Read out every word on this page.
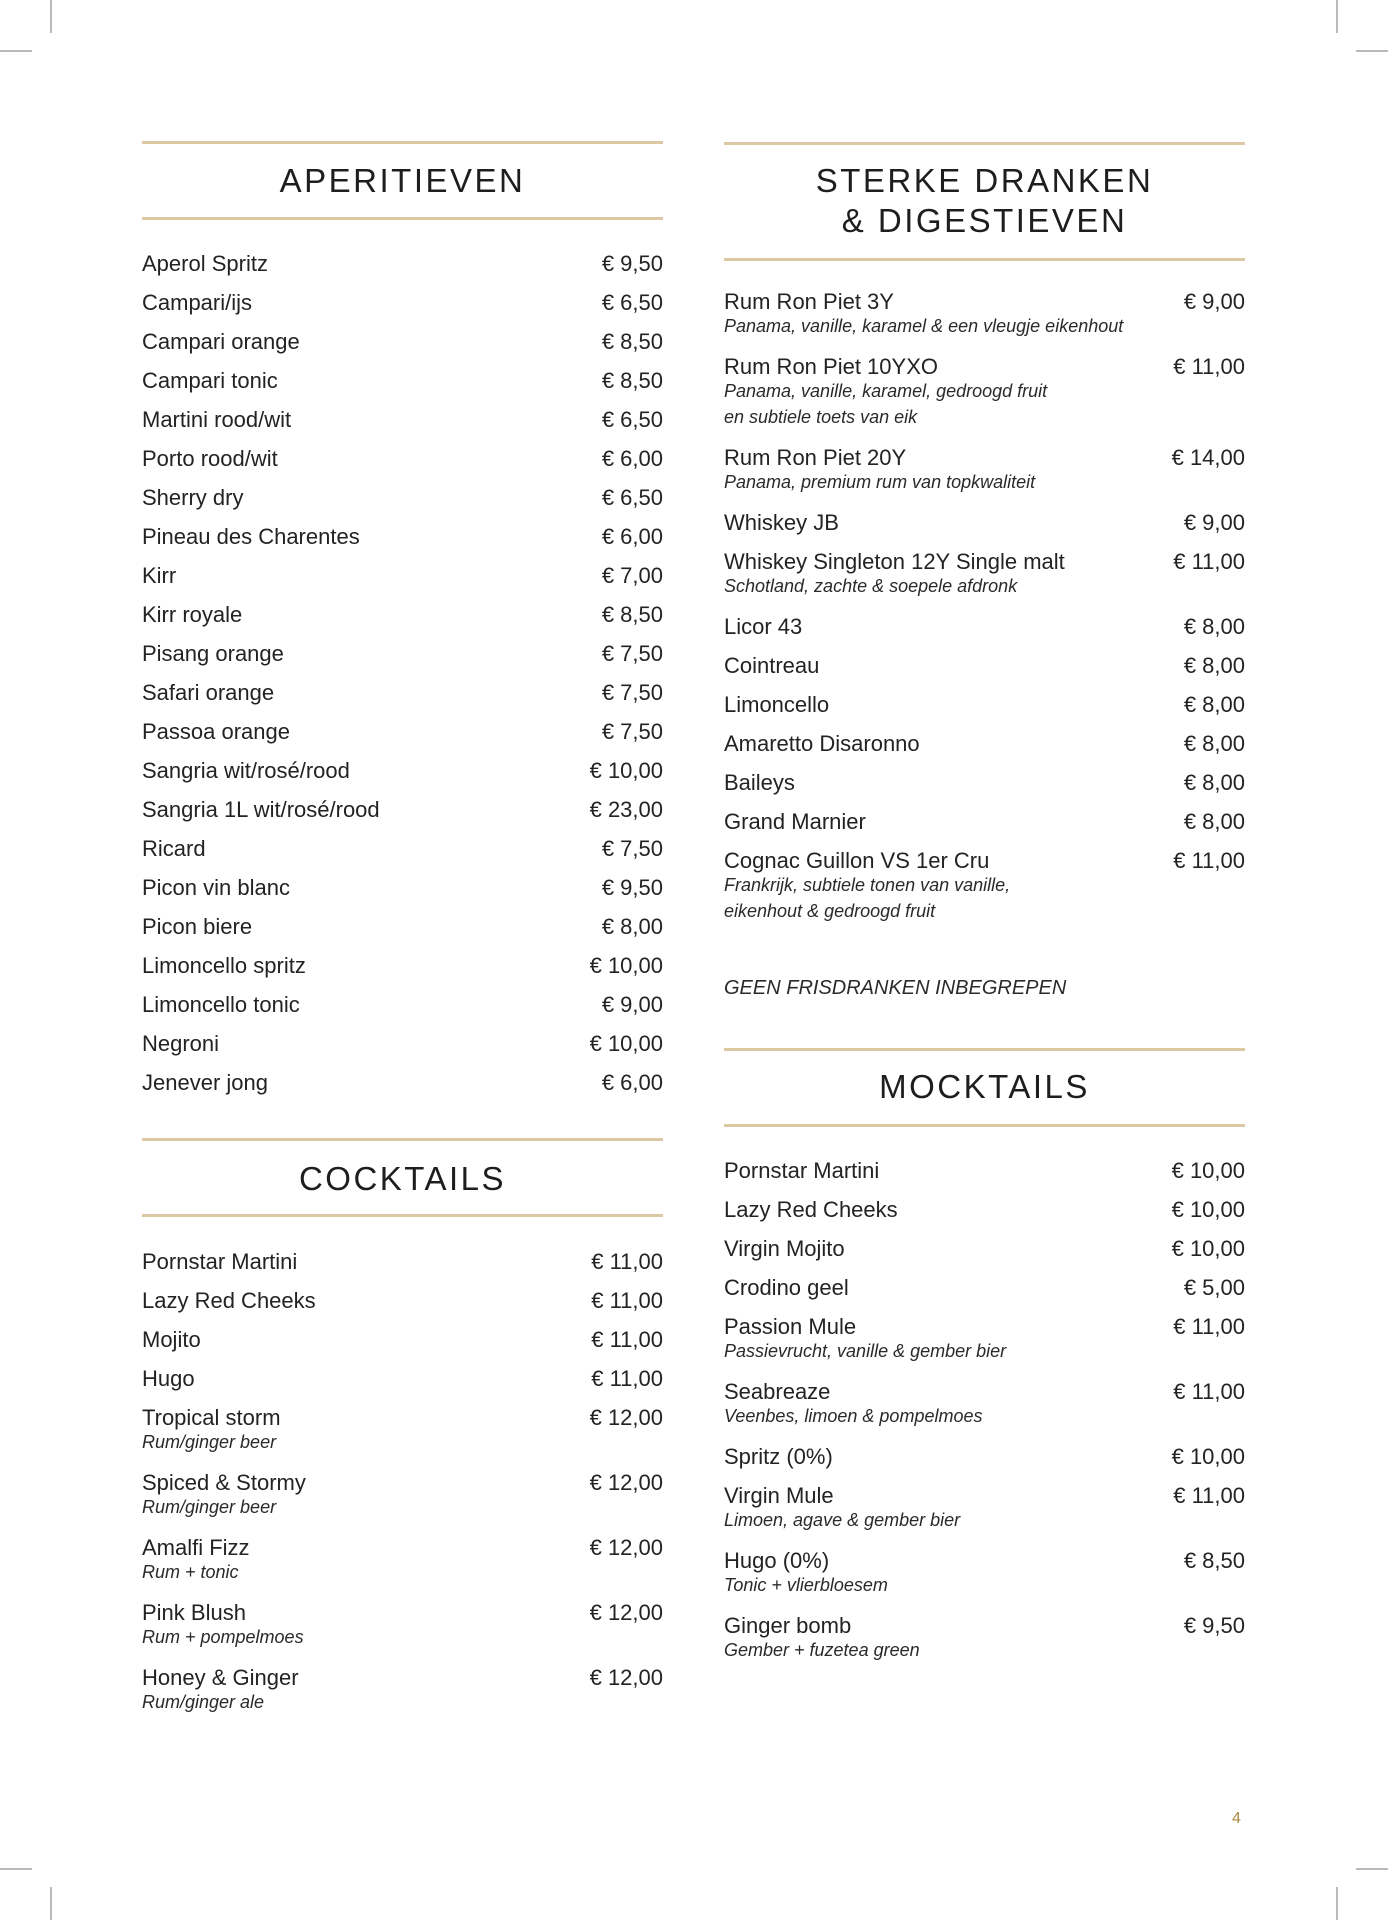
APERITIEVEN
Aperol Spritz	€ 9,50
Campari/ijs	€ 6,50
Campari orange	€ 8,50
Campari tonic	€ 8,50
Martini rood/wit	€ 6,50
Porto rood/wit	€ 6,00
Sherry dry	€ 6,50
Pineau des Charentes	€ 6,00
Kirr	€ 7,00
Kirr royale	€ 8,50
Pisang orange	€ 7,50
Safari orange	€ 7,50
Passoa orange	€ 7,50
Sangria wit/rosé/rood	€ 10,00
Sangria 1L wit/rosé/rood	€ 23,00
Ricard	€ 7,50
Picon vin blanc	€ 9,50
Picon biere	€ 8,00
Limoncello spritz	€ 10,00
Limoncello tonic	€ 9,00
Negroni	€ 10,00
Jenever jong	€ 6,00
COCKTAILS
Pornstar Martini	€ 11,00
Lazy Red Cheeks	€ 11,00
Mojito	€ 11,00
Hugo	€ 11,00
Tropical storm	€ 12,00
Rum/ginger beer
Spiced & Stormy	€ 12,00
Rum/ginger beer
Amalfi Fizz	€ 12,00
Rum + tonic
Pink Blush	€ 12,00
Rum + pompelmoes
Honey & Ginger	€ 12,00
Rum/ginger ale
STERKE DRANKEN
& DIGESTIEVEN
Rum Ron Piet 3Y	€ 9,00
Panama, vanille, karamel & een vleugje eikenhout
Rum Ron Piet 10YXO	€ 11,00
Panama, vanille, karamel, gedroogd fruit
en subtiele toets van eik
Rum Ron Piet 20Y	€ 14,00
Panama, premium rum van topkwaliteit
Whiskey JB	€ 9,00
Whiskey Singleton 12Y Single malt	€ 11,00
Schotland, zachte & soepele afdronk
Licor 43	€ 8,00
Cointreau	€ 8,00
Limoncello	€ 8,00
Amaretto Disaronno	€ 8,00
Baileys	€ 8,00
Grand Marnier	€ 8,00
Cognac Guillon VS 1er Cru	€ 11,00
Frankrijk, subtiele tonen van vanille,
eikenhout & gedroogd fruit
GEEN FRISDRANKEN INBEGREPEN
MOCKTAILS
Pornstar Martini	€ 10,00
Lazy Red Cheeks	€ 10,00
Virgin Mojito	€ 10,00
Crodino geel	€ 5,00
Passion Mule	€ 11,00
Passievrucht, vanille & gember bier
Seabreaze	€ 11,00
Veenbes, limoen & pompelmoes
Spritz (0%)	€ 10,00
Virgin Mule	€ 11,00
Limoen, agave & gember bier
Hugo (0%)	€ 8,50
Tonic + vlierbloesem
Ginger bomb	€ 9,50
Gember + fuzetea green
4
